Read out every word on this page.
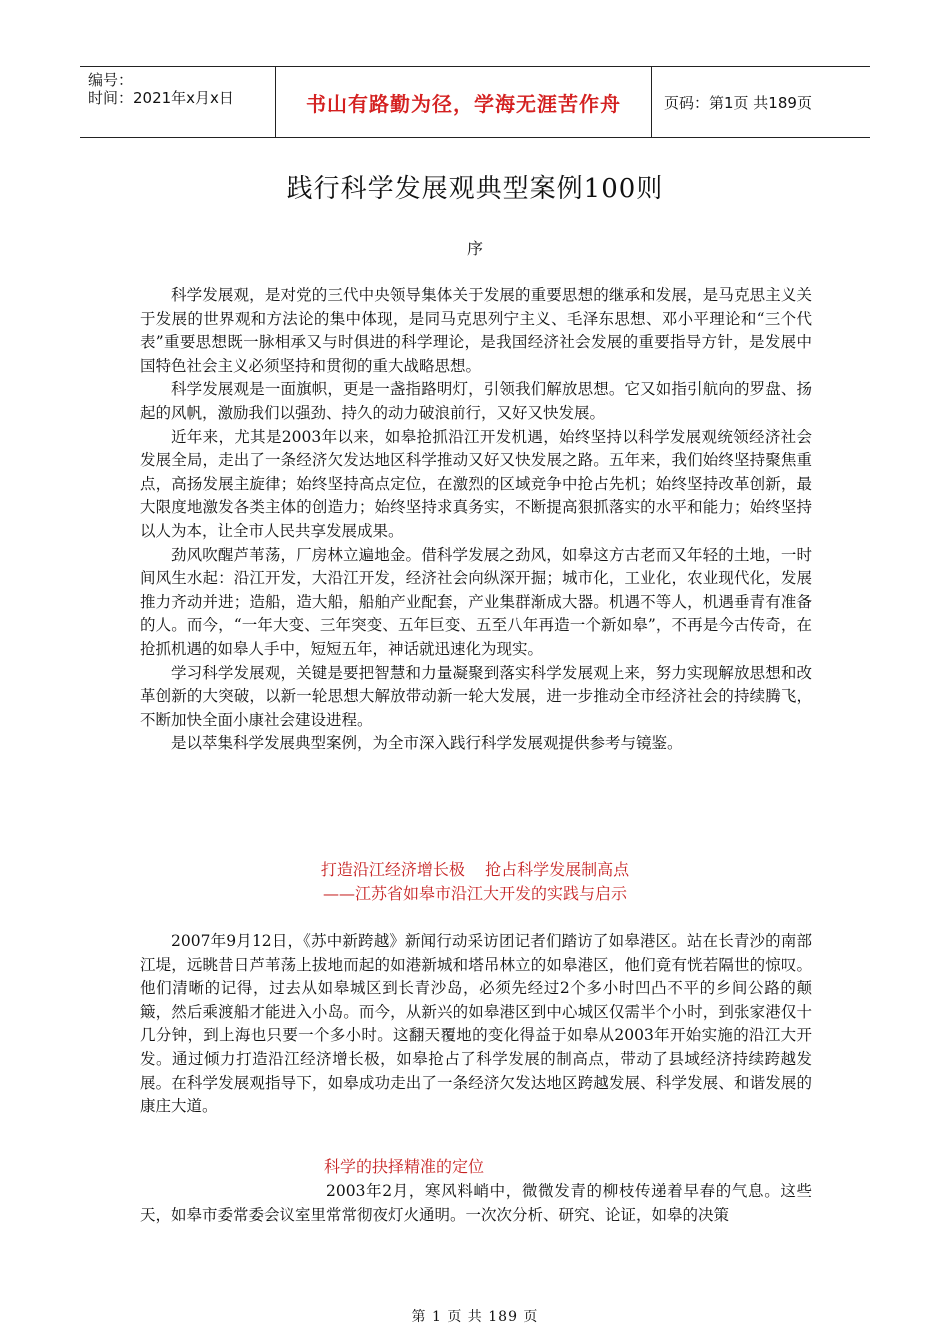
编号：
时间：2021年x月x日	书山有路勤为径，学海无涯苦作舟	页码：第1页 共189页
践行科学发展观典型案例100则
序

科学发展观，是对党的三代中央领导集体关于发展的重要思想的继承和发展，是马克思主义关于发展的世界观和方法论的集中体现，是同马克思列宁主义、毛泽东思想、邓小平理论和“三个代表”重要思想既一脉相承又与时俱进的科学理论，是我国经济社会发展的重要指导方针，是发展中国特色社会主义必须坚持和贯彻的重大战略思想。

科学发展观是一面旗帜，更是一盏指路明灯，引领我们解放思想。它又如指引航向的罗盘、扬起的风帆，激励我们以强劲、持久的动力破浪前行，又好又快发展。

近年来，尤其是2003年以来，如皋抢抓沿江开发机遇，始终坚持以科学发展观统领经济社会发展全局，走出了一条经济欠发达地区科学推动又好又快发展之路。五年来，我们始终坚持聚焦重点，高扬发展主旋律；始终坚持高点定位，在激烈的区域竞争中抢占先机；始终坚持改革创新，最大限度地激发各类主体的创造力；始终坚持求真务实，不断提高狠抓落实的水平和能力；始终坚持以人为本，让全市人民共享发展成果。

劲风吹醒芦苇荡，厂房林立遍地金。借科学发展之劲风，如皋这方古老而又年轻的土地，一时间风生水起：沿江开发，大沿江开发，经济社会向纵深开掘；城市化，工业化，农业现代化，发展推力齐动并进；造船，造大船，船舶产业配套，产业集群渐成大器。机遇不等人，机遇垂青有准备的人。而今，“一年大变、三年突变、五年巨变、五至八年再造一个新如皋”，不再是今古传奇，在抢抓机遇的如皋人手中，短短五年，神话就迅速化为现实。

学习科学发展观，关键是要把智慧和力量凝聚到落实科学发展观上来，努力实现解放思想和改革创新的大突破，以新一轮思想大解放带动新一轮大发展，进一步推动全市经济社会的持续腾飞，不断加快全面小康社会建设进程。

是以萃集科学发展典型案例，为全市深入践行科学发展观提供参考与镜鉴。

打造沿江经济增长极    抢占科学发展制高点
——江苏省如皋市沿江大开发的实践与启示

2007年9月12日，《苏中新跨越》新闻行动采访团记者们踏访了如皋港区。站在长青沙的南部江堤，远眺昔日芦苇荡上拔地而起的如港新城和塔吊林立的如皋港区，他们竟有恍若隔世的惊叹。他们清晰的记得，过去从如皋城区到长青沙岛，必须先经过2个多小时凹凸不平的乡间公路的颠簸，然后乘渡船才能进入小岛。而今，从新兴的如皋港区到中心城区仅需半个小时，到张家港仅十几分钟，到上海也只要一个多小时。这翻天覆地的变化得益于如皋从2003年开始实施的沿江大开发。通过倾力打造沿江经济增长极，如皋抢占了科学发展的制高点，带动了县域经济持续跨越发展。在科学发展观指导下，如皋成功走出了一条经济欠发达地区跨越发展、科学发展、和谐发展的康庄大道。

科学的抉择精准的定位

2003年2月，寒风料峭中，微微发青的柳枝传递着早春的气息。这些天，如皋市委常委会议室里常常彻夜灯火通明。一次次分析、研究、论证，如皋的决策

第 1 页 共 189 页
